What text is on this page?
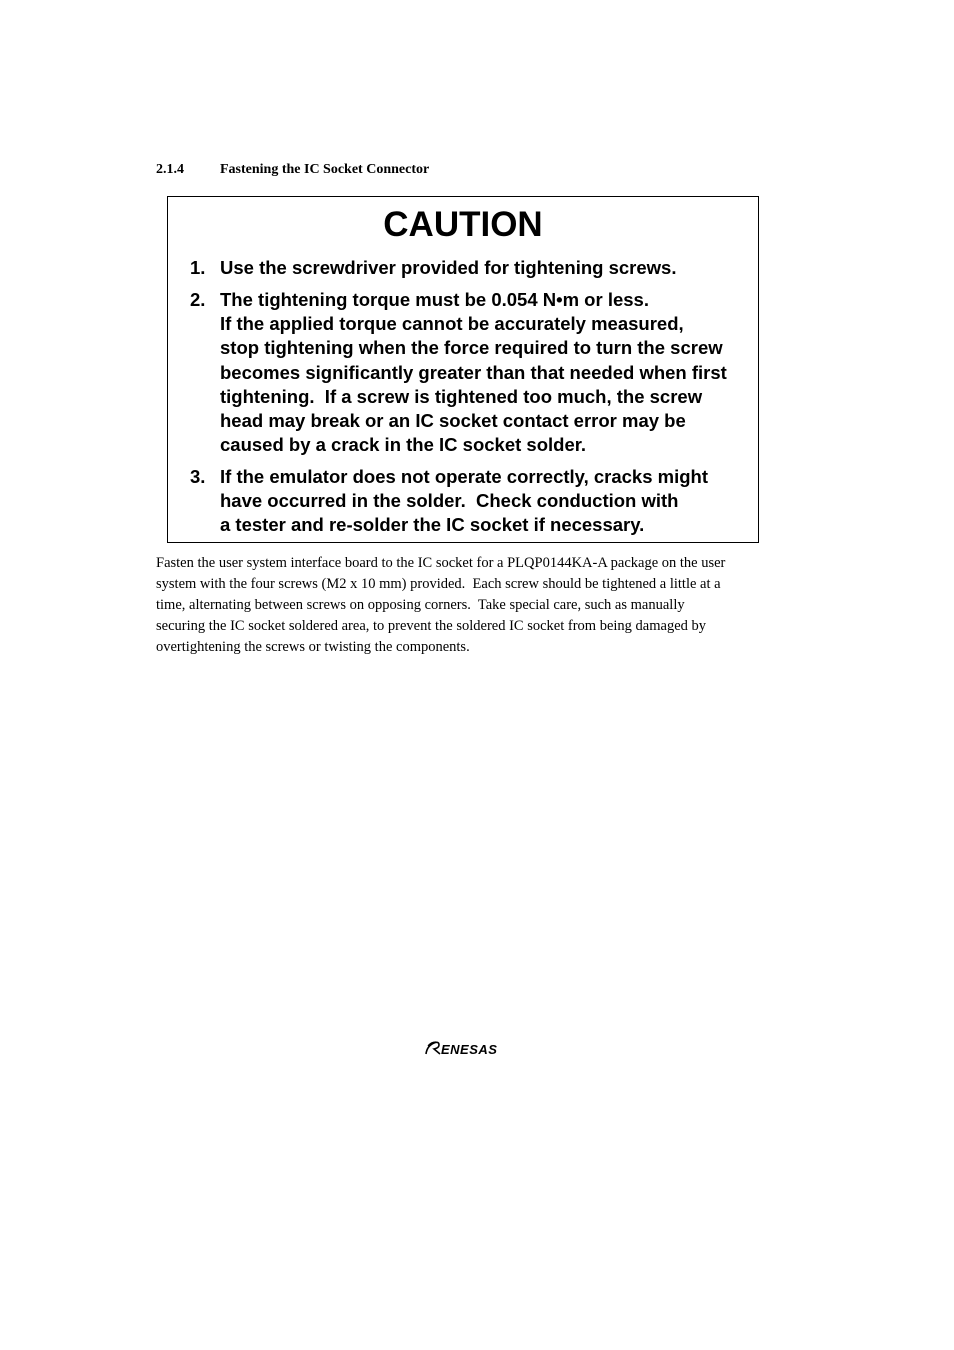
2.1.4	Fastening the IC Socket Connector
CAUTION
1. Use the screwdriver provided for tightening screws.
2. The tightening torque must be 0.054 N•m or less.
If the applied torque cannot be accurately measured,
stop tightening when the force required to turn the screw
becomes significantly greater than that needed when first
tightening.  If a screw is tightened too much, the screw
head may break or an IC socket contact error may be
caused by a crack in the IC socket solder.
3. If the emulator does not operate correctly, cracks might
have occurred in the solder.  Check conduction with
a tester and re-solder the IC socket if necessary.
Fasten the user system interface board to the IC socket for a PLQP0144KA-A package on the user
system with the four screws (M2 x 10 mm) provided.  Each screw should be tightened a little at a
time, alternating between screws on opposing corners.  Take special care, such as manually
securing the IC socket soldered area, to prevent the soldered IC socket from being damaged by
overtightening the screws or twisting the components.
ENESAS
